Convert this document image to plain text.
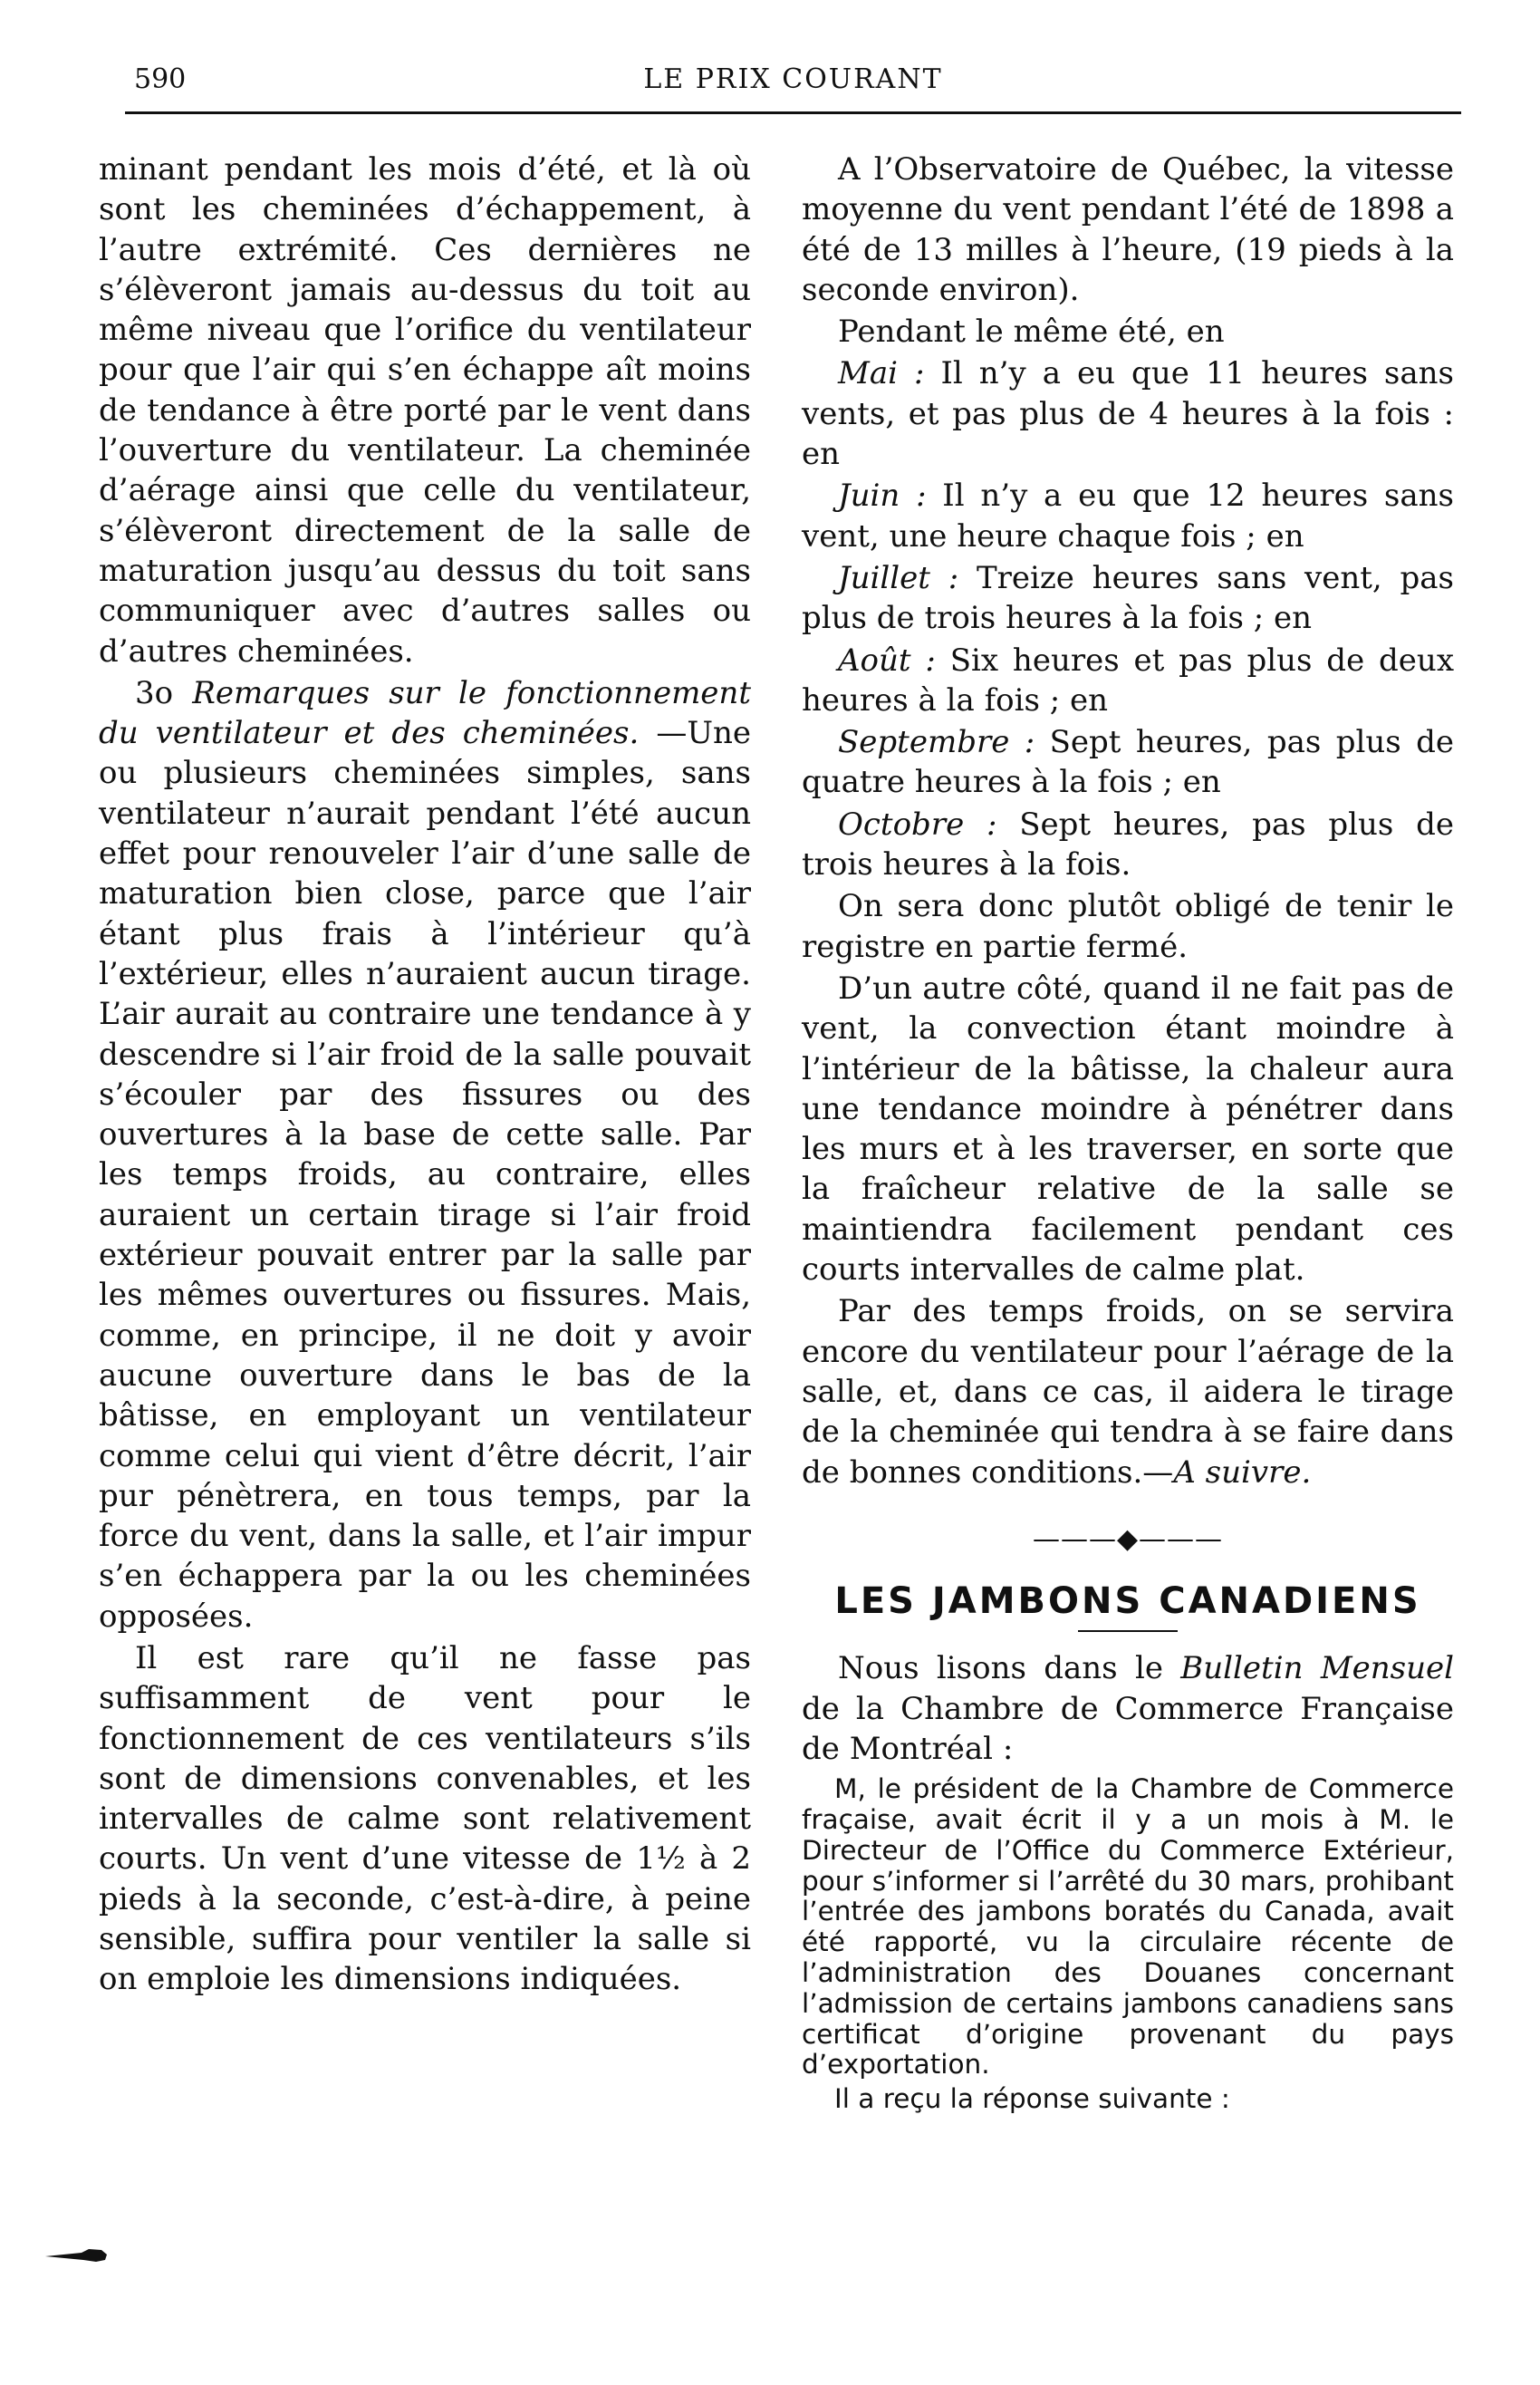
590	LE PRIX COURANT

minant pendant les mois d’été, et là où sont les cheminées d’échappement, à l’autre extrémité. Ces dernières ne s’élèveront jamais au-dessus du toit au même niveau que l’orifice du ventilateur pour que l’air qui s’en échappe aît moins de tendance à être porté par le vent dans l’ouverture du ventilateur. La cheminée d’aérage ainsi que celle du ventilateur, s’élèveront directement de la salle de maturation jusqu’au dessus du toit sans communiquer avec d’autres salles ou d’autres cheminées.

3o Remarques sur le fonctionnement du ventilateur et des cheminées. —Une ou plusieurs cheminées simples, sans ventilateur n’aurait pendant l’été aucun effet pour renouveler l’air d’une salle de maturation bien close, parce que l’air étant plus frais à l’intérieur qu’à l’extérieur, elles n’auraient aucun tirage. L’air aurait au contraire une tendance à y descendre si l’air froid de la salle pouvait s’écouler par des fissures ou des ouvertures à la base de cette salle. Par les temps froids, au contraire, elles auraient un certain tirage si l’air froid extérieur pouvait entrer par la salle par les mêmes ouvertures ou fissures. Mais, comme, en principe, il ne doit y avoir aucune ouverture dans le bas de la bâtisse, en employant un ventilateur comme celui qui vient d’être décrit, l’air pur pénètrera, en tous temps, par la force du vent, dans la salle, et l’air impur s’en échappera par la ou les cheminées opposées.

Il est rare qu’il ne fasse pas suffisamment de vent pour le fonctionnement de ces ventilateurs s’ils sont de dimensions convenables, et les intervalles de calme sont relativement courts. Un vent d’une vitesse de 1½ à 2 pieds à la seconde, c’est-à-dire, à peine sensible, suffira pour ventiler la salle si on emploie les dimensions indiquées.

A l’Observatoire de Québec, la vitesse moyenne du vent pendant l’été de 1898 a été de 13 milles à l’heure, (19 pieds à la seconde environ).

Pendant le même été, en

Mai : Il n’y a eu que 11 heures sans vents, et pas plus de 4 heures à la fois : en

Juin : Il n’y a eu que 12 heures sans vent, une heure chaque fois ; en

Juillet : Treize heures sans vent, pas plus de trois heures à la fois ; en

Août : Six heures et pas plus de deux heures à la fois ; en

Septembre : Sept heures, pas plus de quatre heures à la fois ; en

Octobre : Sept heures, pas plus de trois heures à la fois.

On sera donc plutôt obligé de tenir le registre en partie fermé.

D’un autre côté, quand il ne fait pas de vent, la convection étant moindre à l’intérieur de la bâtisse, la chaleur aura une tendance moindre à pénétrer dans les murs et à les traverser, en sorte que la fraîcheur relative de la salle se maintiendra facilement pendant ces courts intervalles de calme plat.

Par des temps froids, on se servira encore du ventilateur pour l’aérage de la salle, et, dans ce cas, il aidera le tirage de la cheminée qui tendra à se faire dans de bonnes conditions.—A suivre.

———◆———
LES JAMBONS CANADIENS

Nous lisons dans le Bulletin Mensuel de la Chambre de Commerce Française de Montréal :

M, le président de la Chambre de Commerce fraçaise, avait écrit il y a un mois à M. le Directeur de l’Office du Commerce Extérieur, pour s’informer si l’arrêté du 30 mars, prohibant l’entrée des jambons boratés du Canada, avait été rapporté, vu la circulaire récente de l’administration des Douanes concernant l’admission de certains jambons canadiens sans certificat d’origine provenant du pays d’exportation.

Il a reçu la réponse suivante :
